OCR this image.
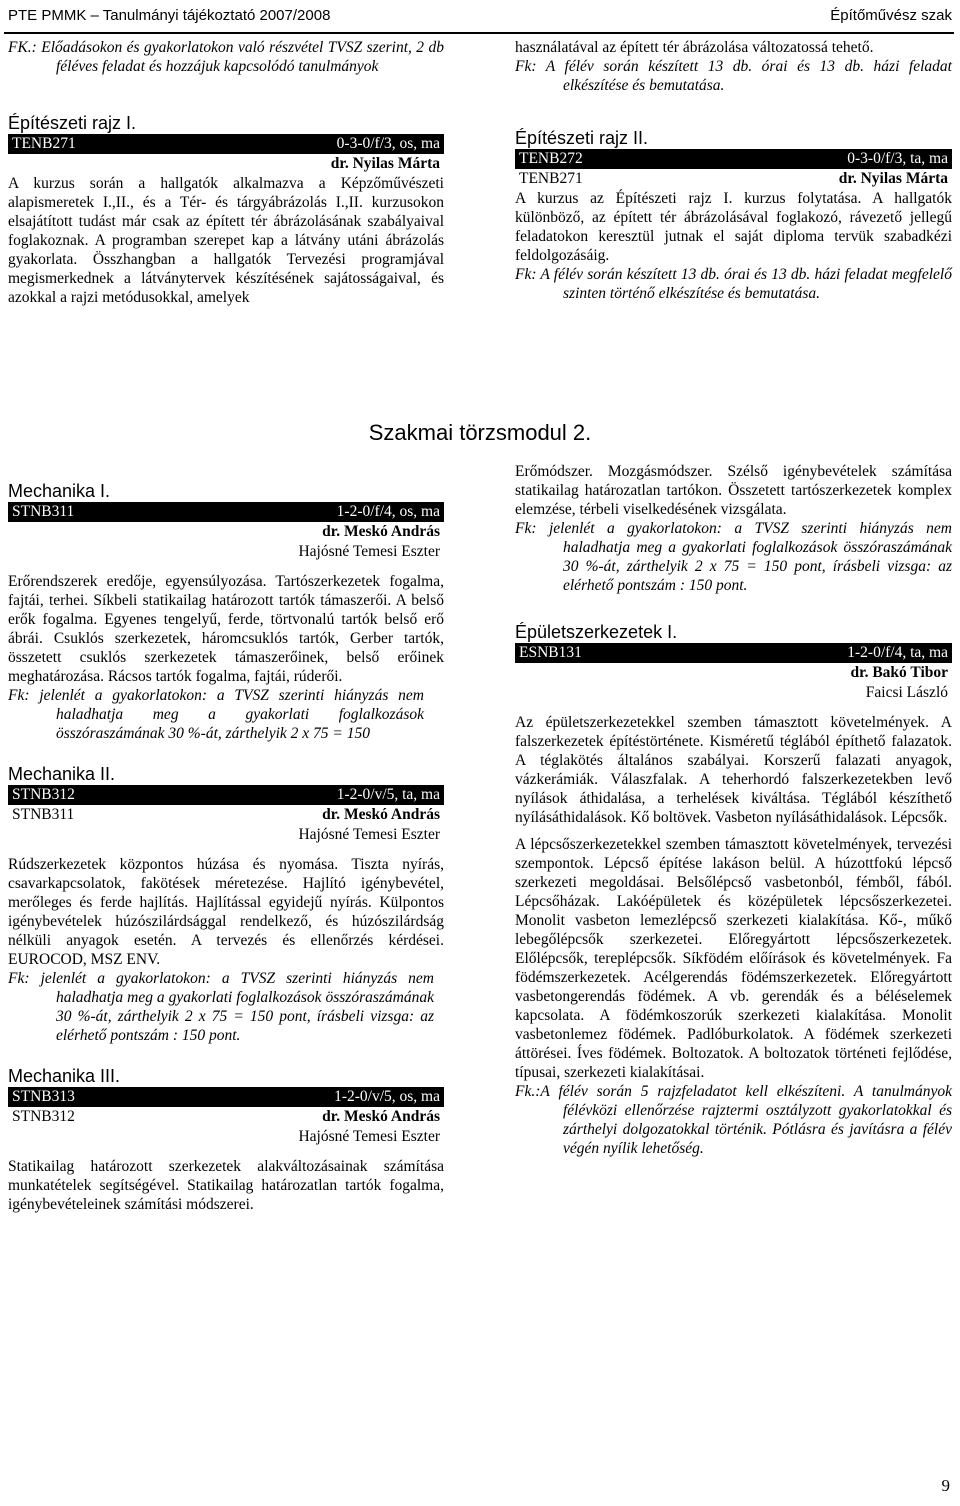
PTE PMMK – Tanulmányi tájékoztató 2007/2008	Építőművész szak

FK.: Előadásokon és gyakorlatokon való részvétel TVSZ szerint, 2 db féléves feladat és hozzájuk kapcsolódó tanulmányok

Építészeti rajz I.
TENB271	0-3-0/f/3, os, ma
dr. Nyilas Márta

A kurzus során a hallgatók alkalmazva a Képzőművészeti alapismeretek I.,II., és a Tér- és tárgyábrázolás I.,II. kurzusokon elsajátított tudást már csak az épített tér ábrázolásának szabályaival foglakoznak. A programban szerepet kap a látvány utáni ábrázolás gyakorlata. Összhangban a hallgatók Tervezési programjával megismerkednek a látványtervek készítésének sajátosságaival, és azokkal a rajzi metódusokkal, amelyek

használatával az épített tér ábrázolása változatossá tehető.

Fk: A félév során készített 13 db. órai és 13 db. házi feladat elkészítése és bemutatása.

Építészeti rajz II.
TENB272	0-3-0/f/3, ta, ma
TENB271	dr. Nyilas Márta

A kurzus az Építészeti rajz I. kurzus folytatása. A hallgatók különböző, az épített tér ábrázolásával foglakozó, rávezető jellegű feladatokon keresztül jutnak el saját diploma tervük szabadkézi feldolgozásáig.

Fk: A félév során készített 13 db. órai és 13 db. házi feladat megfelelő szinten történő elkészítése és bemutatása.

Szakmai törzsmodul 2.
Mechanika I.
STNB311	1-2-0/f/4, os, ma
dr. Meskó András
Hajósné Temesi Eszter

Erőrendszerek eredője, egyensúlyozása. Tartószerkezetek fogalma, fajtái, terhei. Síkbeli statikailag határozott tartók támaszerői. A belső erők fogalma. Egyenes tengelyű, ferde, törtvonalú tartók belső erő ábrái. Csuklós szerkezetek, háromcsuklós tartók, Gerber tartók, összetett csuklós szerkezetek támaszerőinek, belső erőinek meghatározása. Rácsos tartók fogalma, fajtái, rúderői.

Fk: jelenlét a gyakorlatokon: a TVSZ szerinti hiányzás nem haladhatja meg a gyakorlati foglalkozások összóraszámának 30 %-át, zárthelyik 2 x 75 = 150

Mechanika II.
STNB312	1-2-0/v/5, ta, ma
STNB311	dr. Meskó András
Hajósné Temesi Eszter

Rúdszerkezetek központos húzása és nyomása. Tiszta nyírás, csavarkapcsolatok, fakötések méretezése. Hajlító igénybevétel, merőleges és ferde hajlítás. Hajlítással egyidejű nyírás. Külpontos igénybevételek húzószilárdsággal rendelkező, és húzószilárdság nélküli anyagok esetén. A tervezés és ellenőrzés kérdései. EUROCOD, MSZ ENV.

Fk: jelenlét a gyakorlatokon: a TVSZ szerinti hiányzás nem haladhatja meg a gyakorlati foglalkozások összóraszámának 30 %-át, zárthelyik 2 x 75 = 150 pont, írásbeli vizsga: az elérhető pontszám : 150 pont.

Mechanika III.
STNB313	1-2-0/v/5, os, ma
STNB312	dr. Meskó András
Hajósné Temesi Eszter

Statikailag határozott szerkezetek alakváltozásainak számítása munkatételek segítségével. Statikailag határozatlan tartók fogalma, igénybevételeinek számítási módszerei.

Erőmódszer. Mozgásmódszer. Szélső igénybevételek számítása statikailag határozatlan tartókon. Összetett tartószerkezetek komplex elemzése, térbeli viselkedésének vizsgálata.

Fk: jelenlét a gyakorlatokon: a TVSZ szerinti hiányzás nem haladhatja meg a gyakorlati foglalkozások összóraszámának 30 %-át, zárthelyik 2 x 75 = 150 pont, írásbeli vizsga: az elérhető pontszám : 150 pont.

Épületszerkezetek I.
ESNB131	1-2-0/f/4, ta, ma
dr. Bakó Tibor
Faicsi László

Az épületszerkezetekkel szemben támasztott követelmények. A falszerkezetek építéstörténete. Kisméretű téglából építhető falazatok. A téglakötés általános szabályai. Korszerű falazati anyagok, vázkerámiák. Válaszfalak. A teherhordó falszerkezetekben levő nyílások áthidalása, a terhelések kiváltása. Téglából készíthető nyílásáthidalások. Kő boltövek. Vasbeton nyílásáthidalások. Lépcsők.

A lépcsőszerkezetekkel szemben támasztott követelmények, tervezési szempontok. Lépcső építése lakáson belül. A húzottfokú lépcső szerkezeti megoldásai. Belsőlépcső vasbetonból, fémből, fából. Lépcsőházak. Lakóépületek és középületek lépcsőszerkezetei. Monolit vasbeton lemezlépcső szerkezeti kialakítása. Kő-, műkő lebegőlépcsők szerkezetei. Előregyártott lépcsőszerkezetek. Előlépcsők, tereplépcsők. Síkfödém előírások és követelmények. Fa födémszerkezetek. Acélgerendás födémszerkezetek. Előregyártott vasbetongerendás födémek. A vb. gerendák és a béléselemek kapcsolata. A födémkoszorúk szerkezeti kialakítása. Monolit vasbetonlemez födémek. Padlóburkolatok. A födémek szerkezeti áttörései. Íves födémek. Boltozatok. A boltozatok történeti fejlődése, típusai, szerkezeti kialakításai.

Fk.:A félév során 5 rajzfeladatot kell elkészíteni. A tanulmányok félévközi ellenőrzése rajztermi osztályzott gyakorlatokkal és zárthelyi dolgozatokkal történik. Pótlásra és javításra a félév végén nyílik lehetőség.

9
